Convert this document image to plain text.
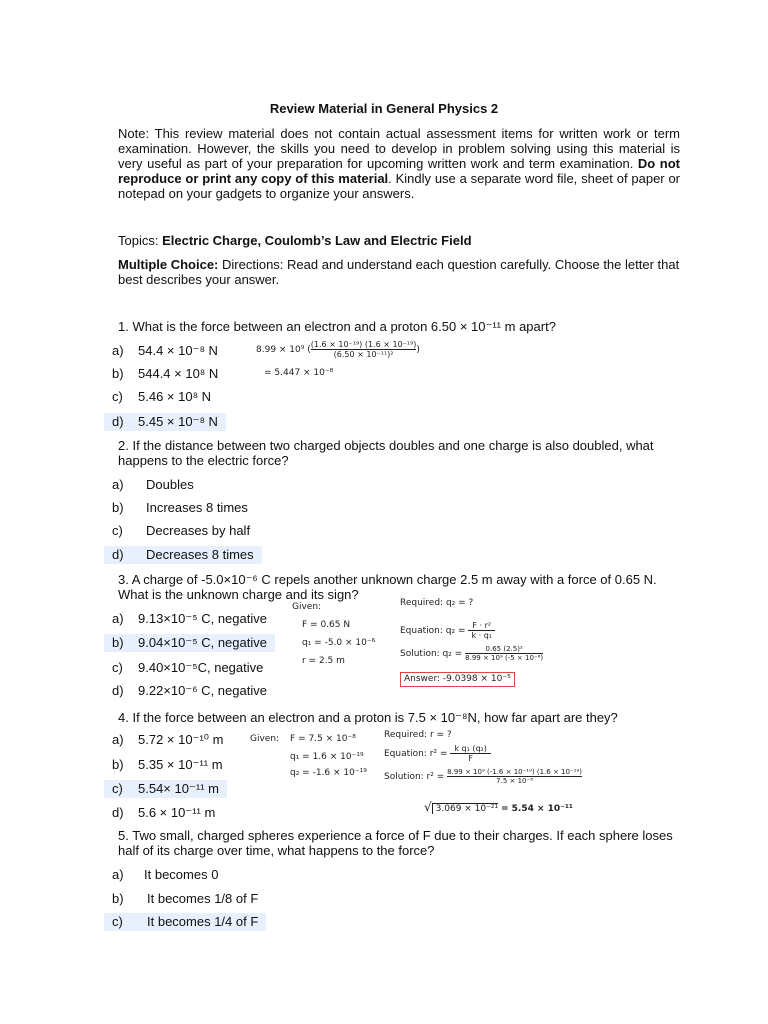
Review Material in General Physics 2
Note: This review material does not contain actual assessment items for written work or term examination. However, the skills you need to develop in problem solving using this material is very useful as part of your preparation for upcoming written work and term examination. Do not reproduce or print any copy of this material. Kindly use a separate word file, sheet of paper or notepad on your gadgets to organize your answers.
Topics: Electric Charge, Coulomb’s Law and Electric Field
Multiple Choice: Directions: Read and understand each question carefully. Choose the letter that best describes your answer.
1. What is the force between an electron and a proton 6.50 × 10⁻¹¹ m apart?
a) 54.4 × 10⁻⁸ N
b) 544.4 × 10⁸ N
c) 5.46 × 10⁸ N
d) 5.45 × 10⁻⁸ N
8.99 × 10⁹ ( $\frac{\text{(1.6 × 10⁻¹⁹) (1.6 × 10⁻¹⁹)}}{\text{(6.50 × 10⁻¹¹)²}}$ )
= 5.447 × 10⁻⁸
2. If the distance between two charged objects doubles and one charge is also doubled, what happens to the electric force?
a) Doubles
b) Increases 8 times
c) Decreases by half
d) Decreases 8 times
3. A charge of -5.0×10⁻⁶ C repels another unknown charge 2.5 m away with a force of 0.65 N. What is the unknown charge and its sign?
a) 9.13×10⁻⁵ C, negative
b) 9.04×10⁻⁵ C, negative
c) 9.40×10⁻⁵C, negative
d) 9.22×10⁻⁶ C, negative
Given:
F = 0.65 N
q₁ = -5.0 × 10⁻⁶
r = 2.5 m
Required: q₂ = ?
Equation: $q_2 = \frac{\text{F · r²}}{\text{k · q₁}}$
Solution: $q_2 = \frac{\text{0.65 (2.5)²}}{\text{8.99 × 10⁹ (-5 × 10⁻⁶)}}$
Answer: -9.0398 × 10⁻⁵
4. If the force between an electron and a proton is 7.5 × 10⁻⁸N, how far apart are they?
a) 5.72 × 10⁻¹⁰ m
b) 5.35 × 10⁻¹¹ m
c) 5.54× 10⁻¹¹ m
d) 5.6 × 10⁻¹¹ m
Given: F = 7.5 × 10⁻⁸
q₁ = 1.6 × 10⁻¹⁹
q₂ = -1.6 × 10⁻¹⁹
Required: r = ?
Equation: $r^2 = \frac{\text{k q₁ (q₂)}}{F}$
Solution: $r^2 = \frac{\text{8.99 × 10⁹ (-1.6 × 10⁻¹⁹) (1.6 × 10⁻¹⁹)}}{\text{7.5 × 10⁻⁸}}$
√ 3.069 × 10⁻²¹ = 5.54 × 10⁻¹¹
5. Two small, charged spheres experience a force of F due to their charges. If each sphere loses half of its charge over time, what happens to the force?
a) It becomes 0
b) It becomes 1/8 of F
c) It becomes 1/4 of F
